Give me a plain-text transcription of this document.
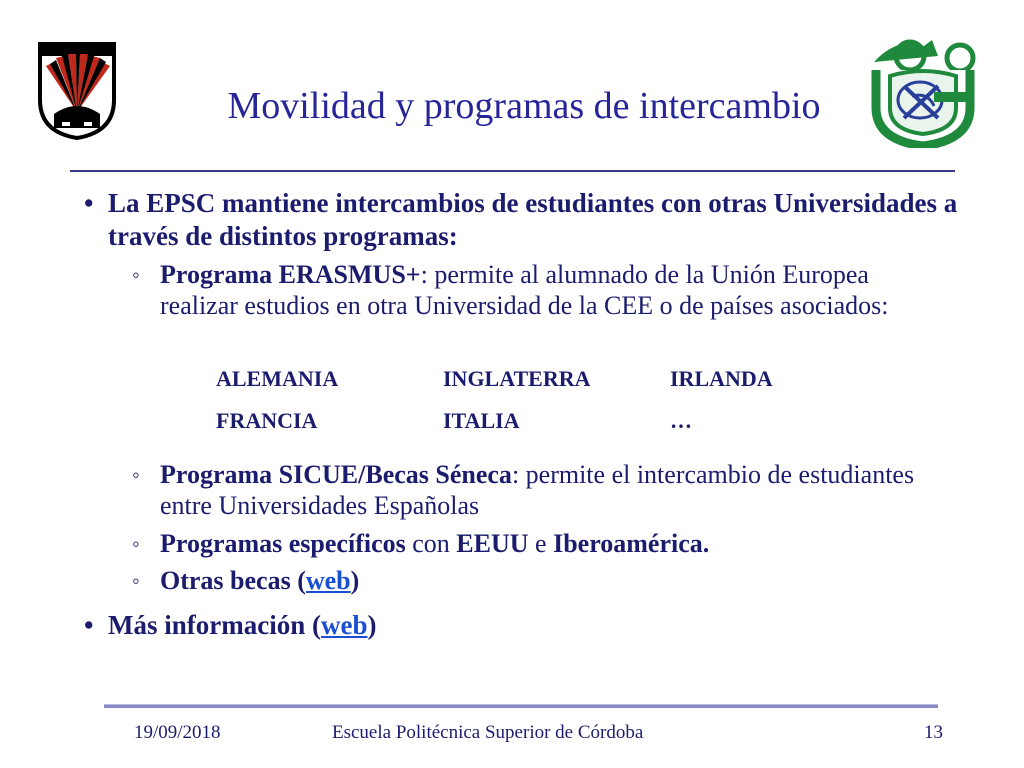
Movilidad y programas de intercambio
• La EPSC mantiene intercambios de estudiantes con otras Universidades a través de distintos programas:
◦ Programa ERASMUS+: permite al alumnado de la Unión Europea realizar estudios en otra Universidad de la CEE o de países asociados:
ALEMANIA	INGLATERRA	IRLANDA
FRANCIA	ITALIA	…
◦ Programa SICUE/Becas Séneca: permite el intercambio de estudiantes entre Universidades Españolas
◦ Programas específicos con EEUU e Iberoamérica.
◦ Otras becas (web)
• Más información (web)
19/09/2018	Escuela Politécnica Superior de Córdoba	13
